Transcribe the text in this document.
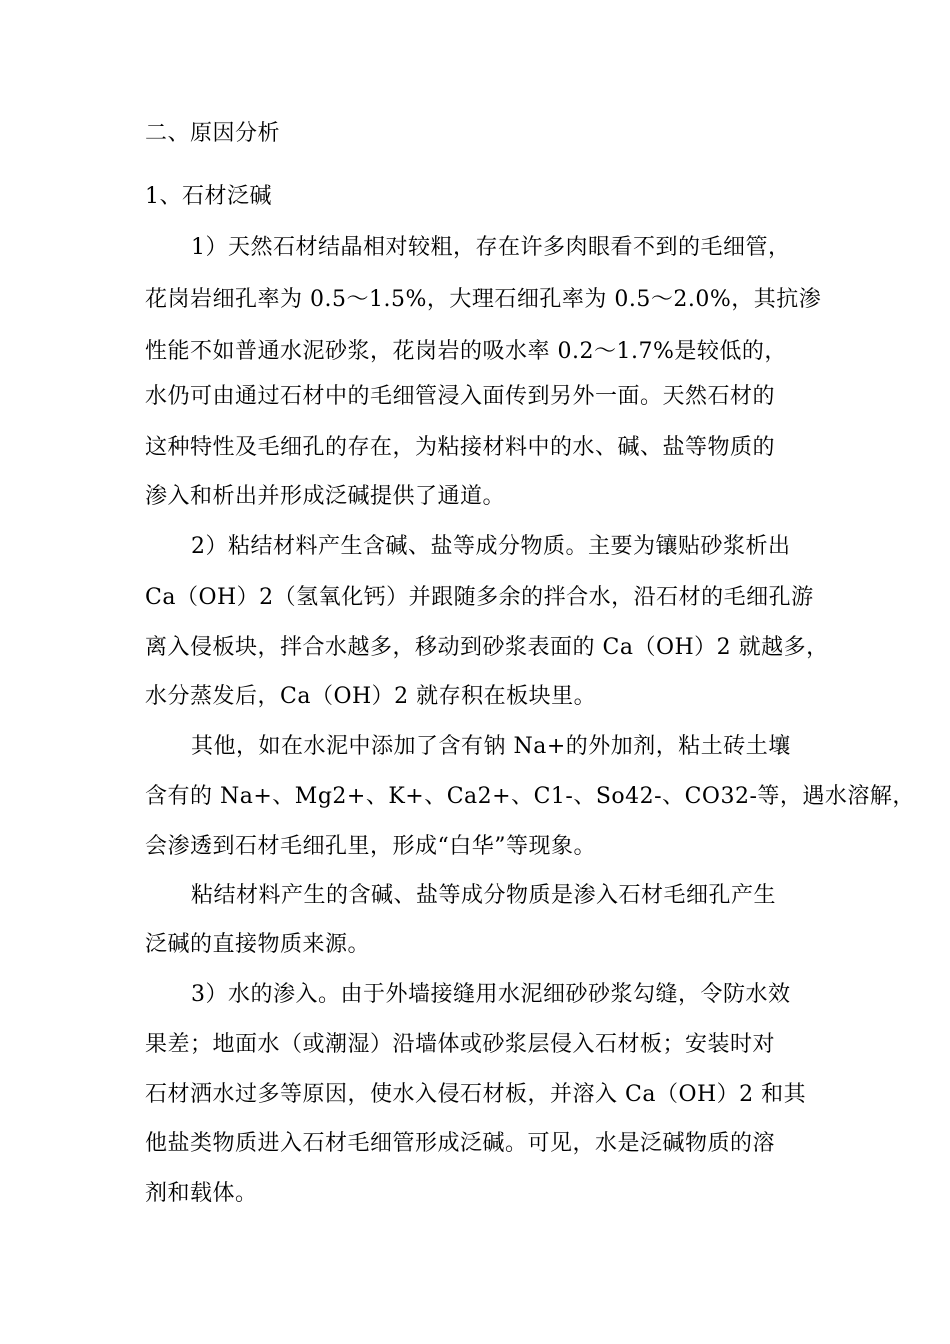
二、原因分析
1、石材泛碱
1）天然石材结晶相对较粗，存在许多肉眼看不到的毛细管，
花岗岩细孔率为 0.5～1.5%，大理石细孔率为 0.5～2.0%，其抗渗
性能不如普通水泥砂浆，花岗岩的吸水率 0.2～1.7%是较低的，
水仍可由通过石材中的毛细管浸入面传到另外一面。天然石材的
这种特性及毛细孔的存在，为粘接材料中的水、碱、盐等物质的
渗入和析出并形成泛碱提供了通道。
2）粘结材料产生含碱、盐等成分物质。主要为镶贴砂浆析出
Ca（OH）2（氢氧化钙）并跟随多余的拌合水，沿石材的毛细孔游
离入侵板块，拌合水越多，移动到砂浆表面的 Ca（OH）2 就越多，
水分蒸发后，Ca（OH）2 就存积在板块里。
其他，如在水泥中添加了含有钠 Na+的外加剂，粘土砖土壤
含有的 Na+、Mg2+、K+、Ca2+、C1-、So42-、CO32-等，遇水溶解，
会渗透到石材毛细孔里，形成“白华”等现象。
粘结材料产生的含碱、盐等成分物质是渗入石材毛细孔产生
泛碱的直接物质来源。
3）水的渗入。由于外墙接缝用水泥细砂砂浆勾缝，令防水效
果差；地面水（或潮湿）沿墙体或砂浆层侵入石材板；安装时对
石材洒水过多等原因，使水入侵石材板，并溶入 Ca（OH）2 和其
他盐类物质进入石材毛细管形成泛碱。可见，水是泛碱物质的溶
剂和载体。
